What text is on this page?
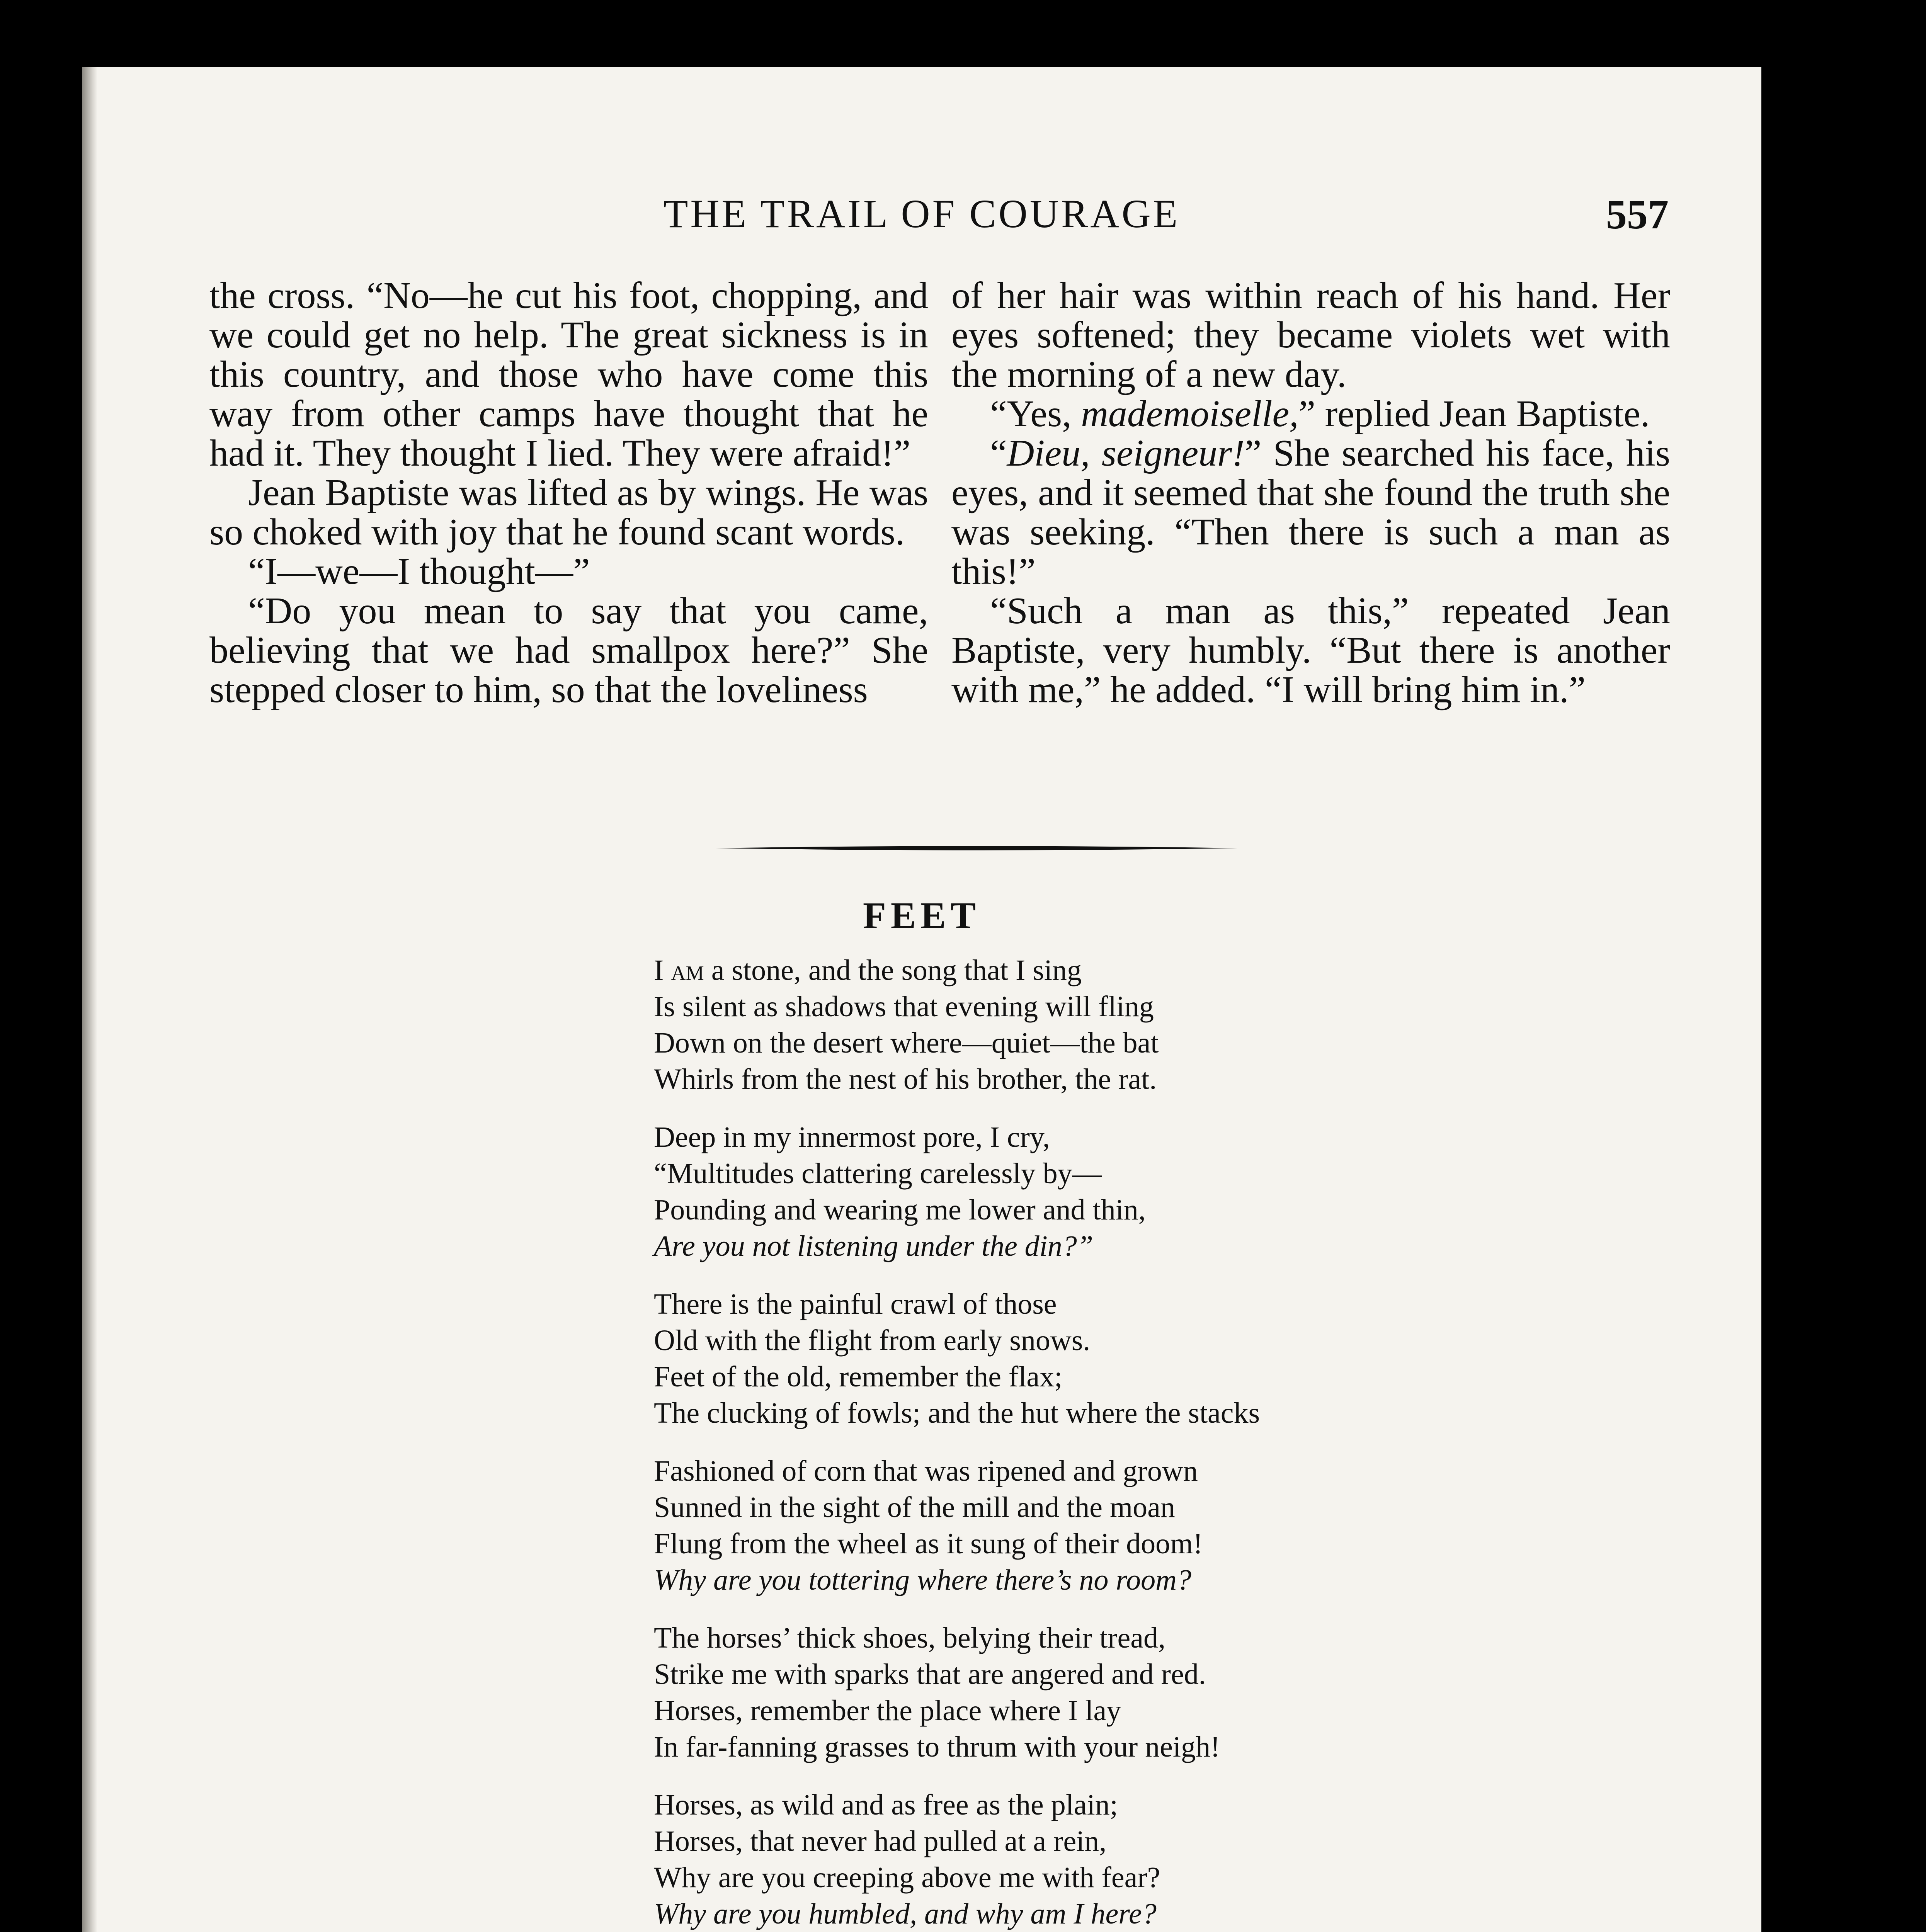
THE TRAIL OF COURAGE	557

the cross. “No—he cut his foot, chopping, and we could get no help. The great sickness is in this country, and those who have come this way from other camps have thought that he had it. They thought I lied. They were afraid!”

Jean Baptiste was lifted as by wings. He was so choked with joy that he found scant words.

“I—we—I thought—”

“Do you mean to say that you came, believing that we had smallpox here?” She stepped closer to him, so that the loveliness

of her hair was within reach of his hand. Her eyes softened; they became violets wet with the morning of a new day.

“Yes, mademoiselle,” replied Jean Baptiste.

“Dieu, seigneur!” She searched his face, his eyes, and it seemed that she found the truth she was seeking. “Then there is such a man as this!”

“Such a man as this,” repeated Jean Baptiste, very humbly. “But there is another with me,” he added. “I will bring him in.”

FEET
I am a stone, and the song that I sing
Is silent as shadows that evening will fling
Down on the desert where—quiet—the bat
Whirls from the nest of his brother, the rat.
Deep in my innermost pore, I cry,
“Multitudes clattering carelessly by—
Pounding and wearing me lower and thin,
Are you not listening under the din?”
There is the painful crawl of those
Old with the flight from early snows.
Feet of the old, remember the flax;
The clucking of fowls; and the hut where the stacks
Fashioned of corn that was ripened and grown
Sunned in the sight of the mill and the moan
Flung from the wheel as it sung of their doom!
Why are you tottering where there’s no room?
The horses’ thick shoes, belying their tread,
Strike me with sparks that are angered and red.
Horses, remember the place where I lay
In far-fanning grasses to thrum with your neigh!
Horses, as wild and as free as the plain;
Horses, that never had pulled at a rein,
Why are you creeping above me with fear?
Why are you humbled, and why am I here?
